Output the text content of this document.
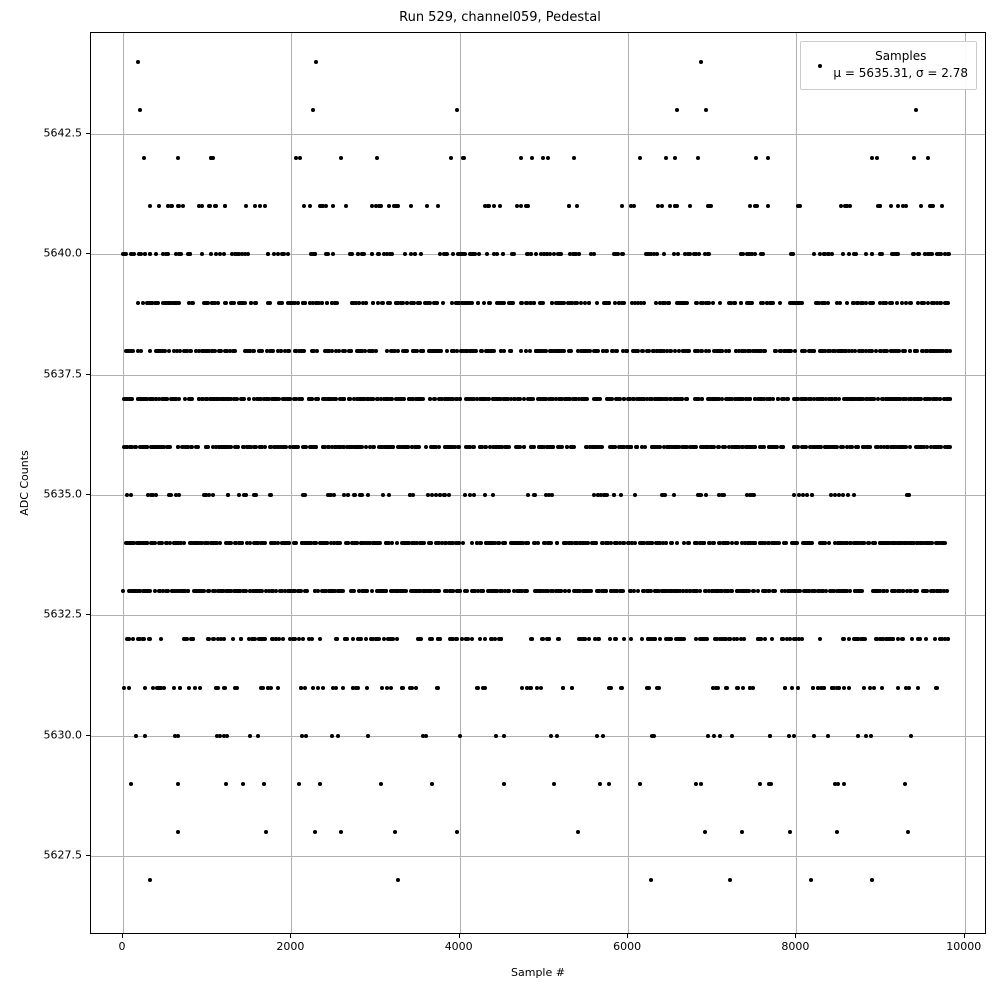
Run 529, channel059, Pedestal
Samples
μ = 5635.31, σ = 2.78
0	2000	4000	6000	8000	10000
5627.5
5630.0
5632.5
5635.0
5637.5
5640.0
5642.5
Sample #
ADC Counts
